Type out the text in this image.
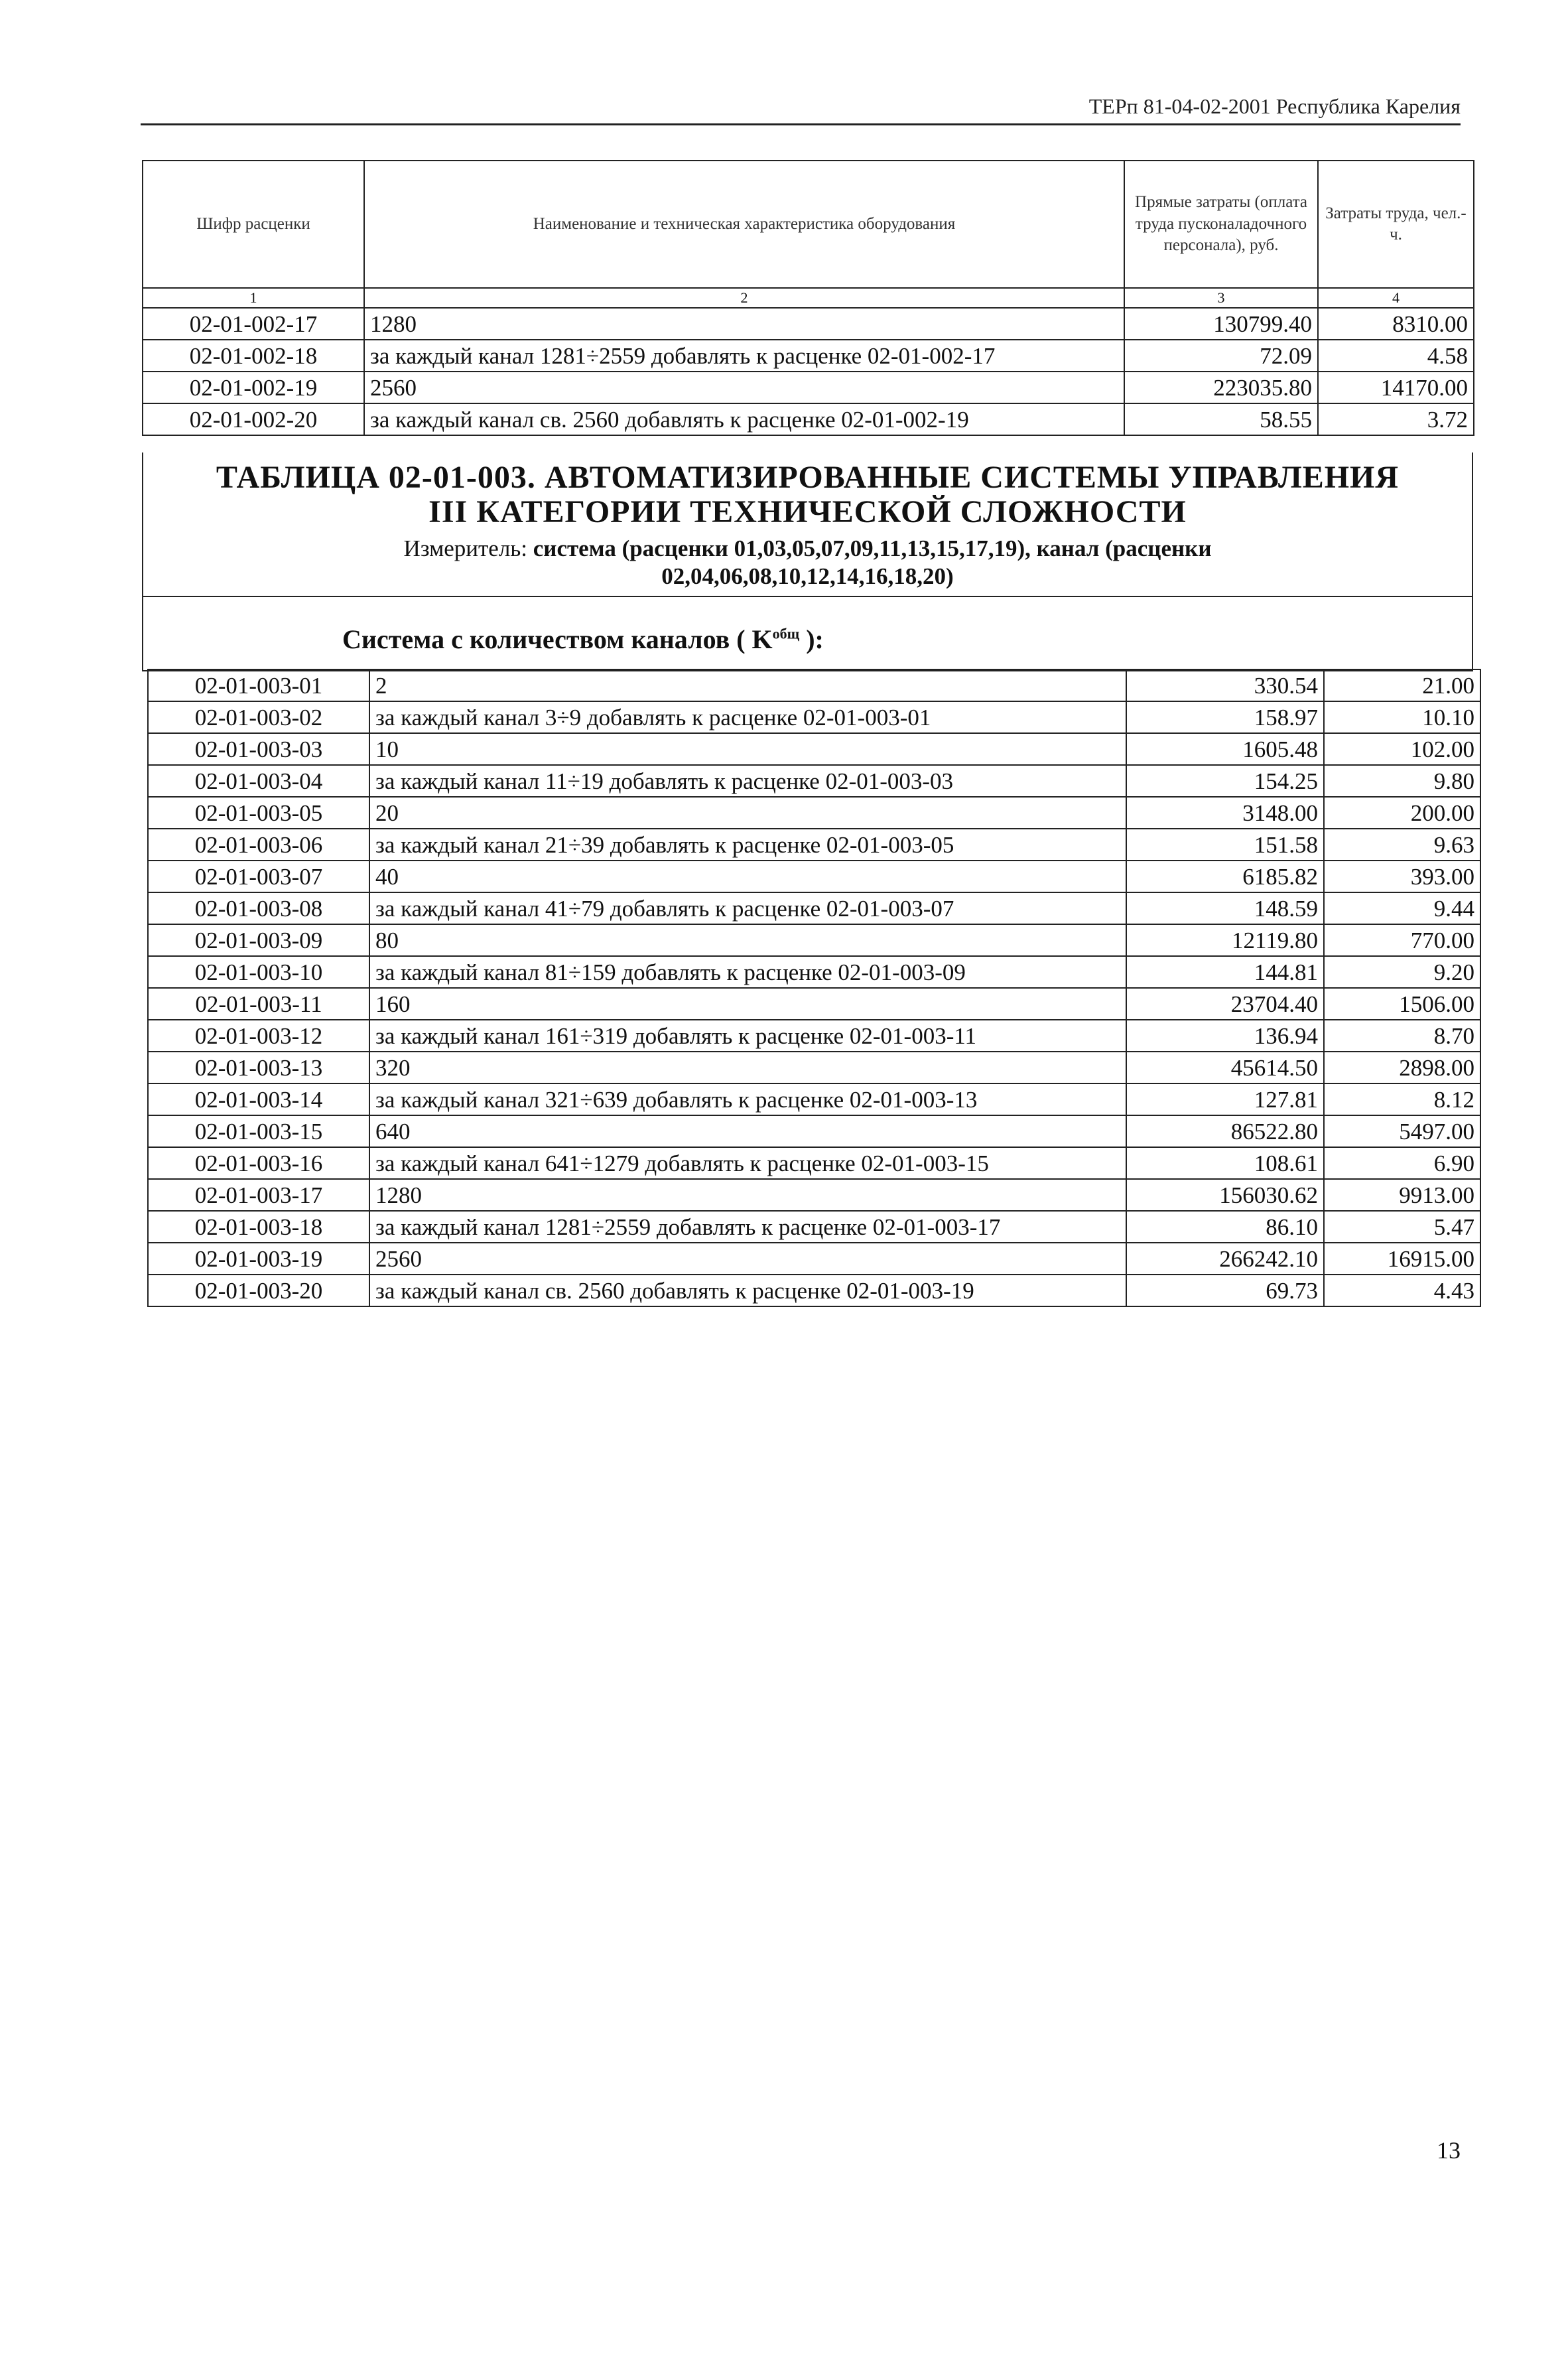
ТЕРп 81-04-02-2001 Республика Карелия
Шифр расценки	Наименование и техническая характеристика оборудования	Прямые затраты (оплата труда пусконаладочного персонала), руб.	Затраты труда, чел.-ч.
1	2	3	4
02-01-002-17	1280	130799.40	8310.00
02-01-002-18	за каждый канал 1281÷2559 добавлять к расценке 02-01-002-17	72.09	4.58
02-01-002-19	2560	223035.80	14170.00
02-01-002-20	за каждый канал св. 2560 добавлять к расценке 02-01-002-19	58.55	3.72
ТАБЛИЦА 02-01-003. АВТОМАТИЗИРОВАННЫЕ СИСТЕМЫ УПРАВЛЕНИЯ
III КАТЕГОРИИ ТЕХНИЧЕСКОЙ СЛОЖНОСТИ
Измеритель: система (расценки 01,03,05,07,09,11,13,15,17,19), канал (расценки
02,04,06,08,10,12,14,16,18,20)
Система с количеством каналов ( $K^{общ}$ ):
02-01-003-01	2	330.54	21.00
02-01-003-02	за каждый канал 3÷9 добавлять к расценке 02-01-003-01	158.97	10.10
02-01-003-03	10	1605.48	102.00
02-01-003-04	за каждый канал 11÷19 добавлять к расценке 02-01-003-03	154.25	9.80
02-01-003-05	20	3148.00	200.00
02-01-003-06	за каждый канал 21÷39 добавлять к расценке 02-01-003-05	151.58	9.63
02-01-003-07	40	6185.82	393.00
02-01-003-08	за каждый канал 41÷79 добавлять к расценке 02-01-003-07	148.59	9.44
02-01-003-09	80	12119.80	770.00
02-01-003-10	за каждый канал 81÷159 добавлять к расценке 02-01-003-09	144.81	9.20
02-01-003-11	160	23704.40	1506.00
02-01-003-12	за каждый канал 161÷319 добавлять к расценке 02-01-003-11	136.94	8.70
02-01-003-13	320	45614.50	2898.00
02-01-003-14	за каждый канал 321÷639 добавлять к расценке 02-01-003-13	127.81	8.12
02-01-003-15	640	86522.80	5497.00
02-01-003-16	за каждый канал 641÷1279 добавлять к расценке 02-01-003-15	108.61	6.90
02-01-003-17	1280	156030.62	9913.00
02-01-003-18	за каждый канал 1281÷2559 добавлять к расценке 02-01-003-17	86.10	5.47
02-01-003-19	2560	266242.10	16915.00
02-01-003-20	за каждый канал св. 2560 добавлять к расценке 02-01-003-19	69.73	4.43
13
